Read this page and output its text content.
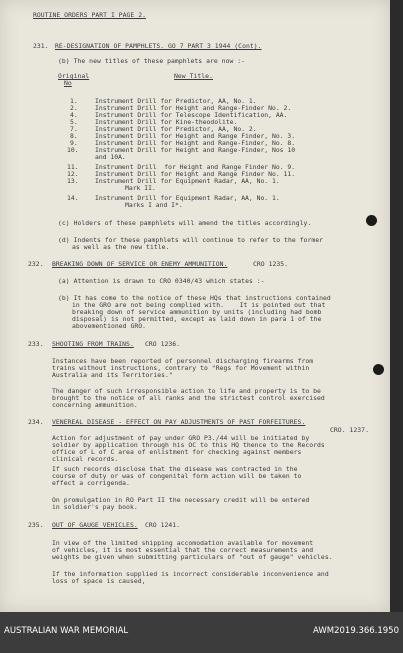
ROUTINE ORDERS PART I PAGE 2.
231. RE-DESIGNATION OF PAMPHLETS. GO 7 PART 3 1944 (Cont).
(b) The new titles of these pamphlets are now :-
Original
No
New Title.
1.	Instrument Drill for Predictor, AA, No. 1.
2.	Instrument Drill for Height and Range-Finder No. 2.
4.	Instrument Drill for Telescope Identification, AA.
5.	Instrument Drill for Kine-theodolite.
7.	Instrument Drill for Predictor, AA, No. 2.
8.	Instrument Drill for Height and Range Finder, No. 3.
9.	Instrument Drill for Height and Range-Finder, No. 8.
10.	Instrument Drill for Height and Range-Finder, Nos 10
and 10A.
11.	Instrument Drill  for Height and Range Finder No. 9.
12.	Instrument Drill for Height and Range Finder No. 11.
13.	Instrument Drill for Equipment Radar, AA, No. 1.
Mark II.
14.	Instrument Drill for Equipment Radar, AA, No. 1.
Marks I and I*.
(c) Holders of these pamphlets will amend the titles accordingly.
(d) Indents for these pamphlets will continue to refer to the former
as well as the new title.
232. BREAKING DOWN OF SERVICE OR ENEMY AMMUNITION.	CRO 1235.
(a) Attention is drawn to CRO 0340/43 which states :-
(b) It has come to the notice of these HQs that instructions contained
in the GRO are not being complied with.    It is pointed out that
breaking down of service ammunition by units (including had bomb
disposal) is not permitted, except as laid down in para 1 of the
abovementioned GRO.
233. SHOOTING FROM TRAINS. CRO 1236.
Instances have been reported of personnel discharging firearms from
trains without instructions, contrary to "Regs for Movement within
Australia and its Territories."
The danger of such irresponsible action to life and property is to be
brought to the notice of all ranks and the strictest control exercised
concerning ammunition.
234. VENEREAL DISEASE - EFFECT ON PAY ADJUSTMENTS OF PAST FORFEITURES.
CRO. 1237.
Action for adjustment of pay under GRO P3./44 will be initiated by
soldier by application through his OC to this HQ thence to the Records
office of L of C area of enlistment for checking against members
clinical records.
If such records disclose that the disease was contracted in the
course of duty or was of congenital form action will be taken to
effect a corrigenda.
On promulgation in RO Part II the necessary credit will be entered
in soldier's pay book.
235. OUT OF GAUGE VEHICLES. CRO 1241.
In view of the limited shipping accomodation available for movement
of vehicles, it is most essential that the correct measurements and
weights be given when submitting particulars of "out of gauge" vehicles.
If the information supplied is incorrect considerable inconvenience and
loss of space is caused,
AUSTRALIAN WAR MEMORIAL	AWM2019.366.1950
